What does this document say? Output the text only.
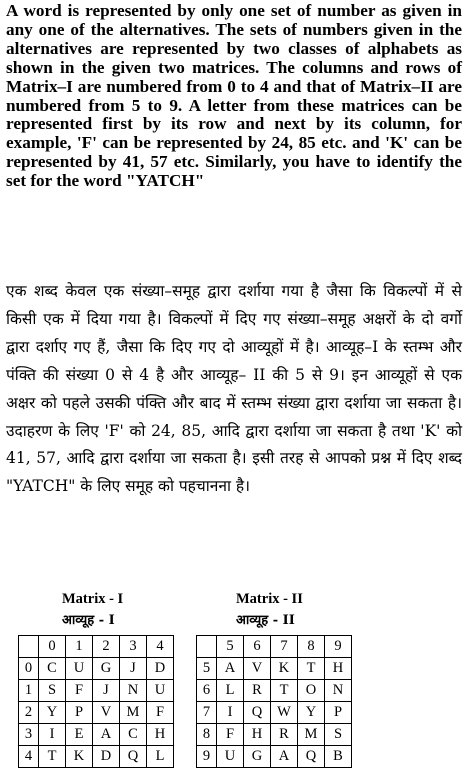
A word is represented by only one set of number as given in any one of the alternatives. The sets of numbers given in the alternatives are represented by two classes of alphabets as shown in the given two matrices. The columns and rows of Matrix–I are numbered from 0 to 4 and that of Matrix–II are numbered from 5 to 9. A letter from these matrices can be represented first by its row and next by its column, for example, 'F' can be represented by 24, 85 etc. and 'K' can be represented by 41, 57 etc. Similarly, you have to identify the set for the word "YATCH"
एक शब्द केवल एक संख्या–समूह द्वारा दर्शाया गया है जैसा कि विकल्पों में से किसी एक में दिया गया है। विकल्पों में दिए गए संख्या–समूह अक्षरों के दो वर्गो द्वारा दर्शाए गए हैं, जैसा कि दिए गए दो आव्यूहों में है। आव्यूह–I के स्तम्भ और पंक्ति की संख्या 0 से 4 है और आव्यूह– II की 5 से 9। इन आव्यूहों से एक अक्षर को पहले उसकी पंक्ति और बाद में स्तम्भ संख्या द्वारा दर्शाया जा सकता है। उदाहरण के लिए 'F' को 24, 85, आदि द्वारा दर्शाया जा सकता है तथा 'K' को 41, 57, आदि द्वारा दर्शाया जा सकता है। इसी तरह से आपको प्रश्न में दिए शब्द "YATCH" के लिए समूह को पहचानना है।
Matrix - I
आव्यूह - I
Matrix - II
आव्यूह - II
	0	1	2	3	4
0	C	U	G	J	D
1	S	F	J	N	U
2	Y	P	V	M	F
3	I	E	A	C	H
4	T	K	D	Q	L
	5	6	7	8	9
5	A	V	K	T	H
6	L	R	T	O	N
7	I	Q	W	Y	P
8	F	H	R	M	S
9	U	G	A	Q	B
